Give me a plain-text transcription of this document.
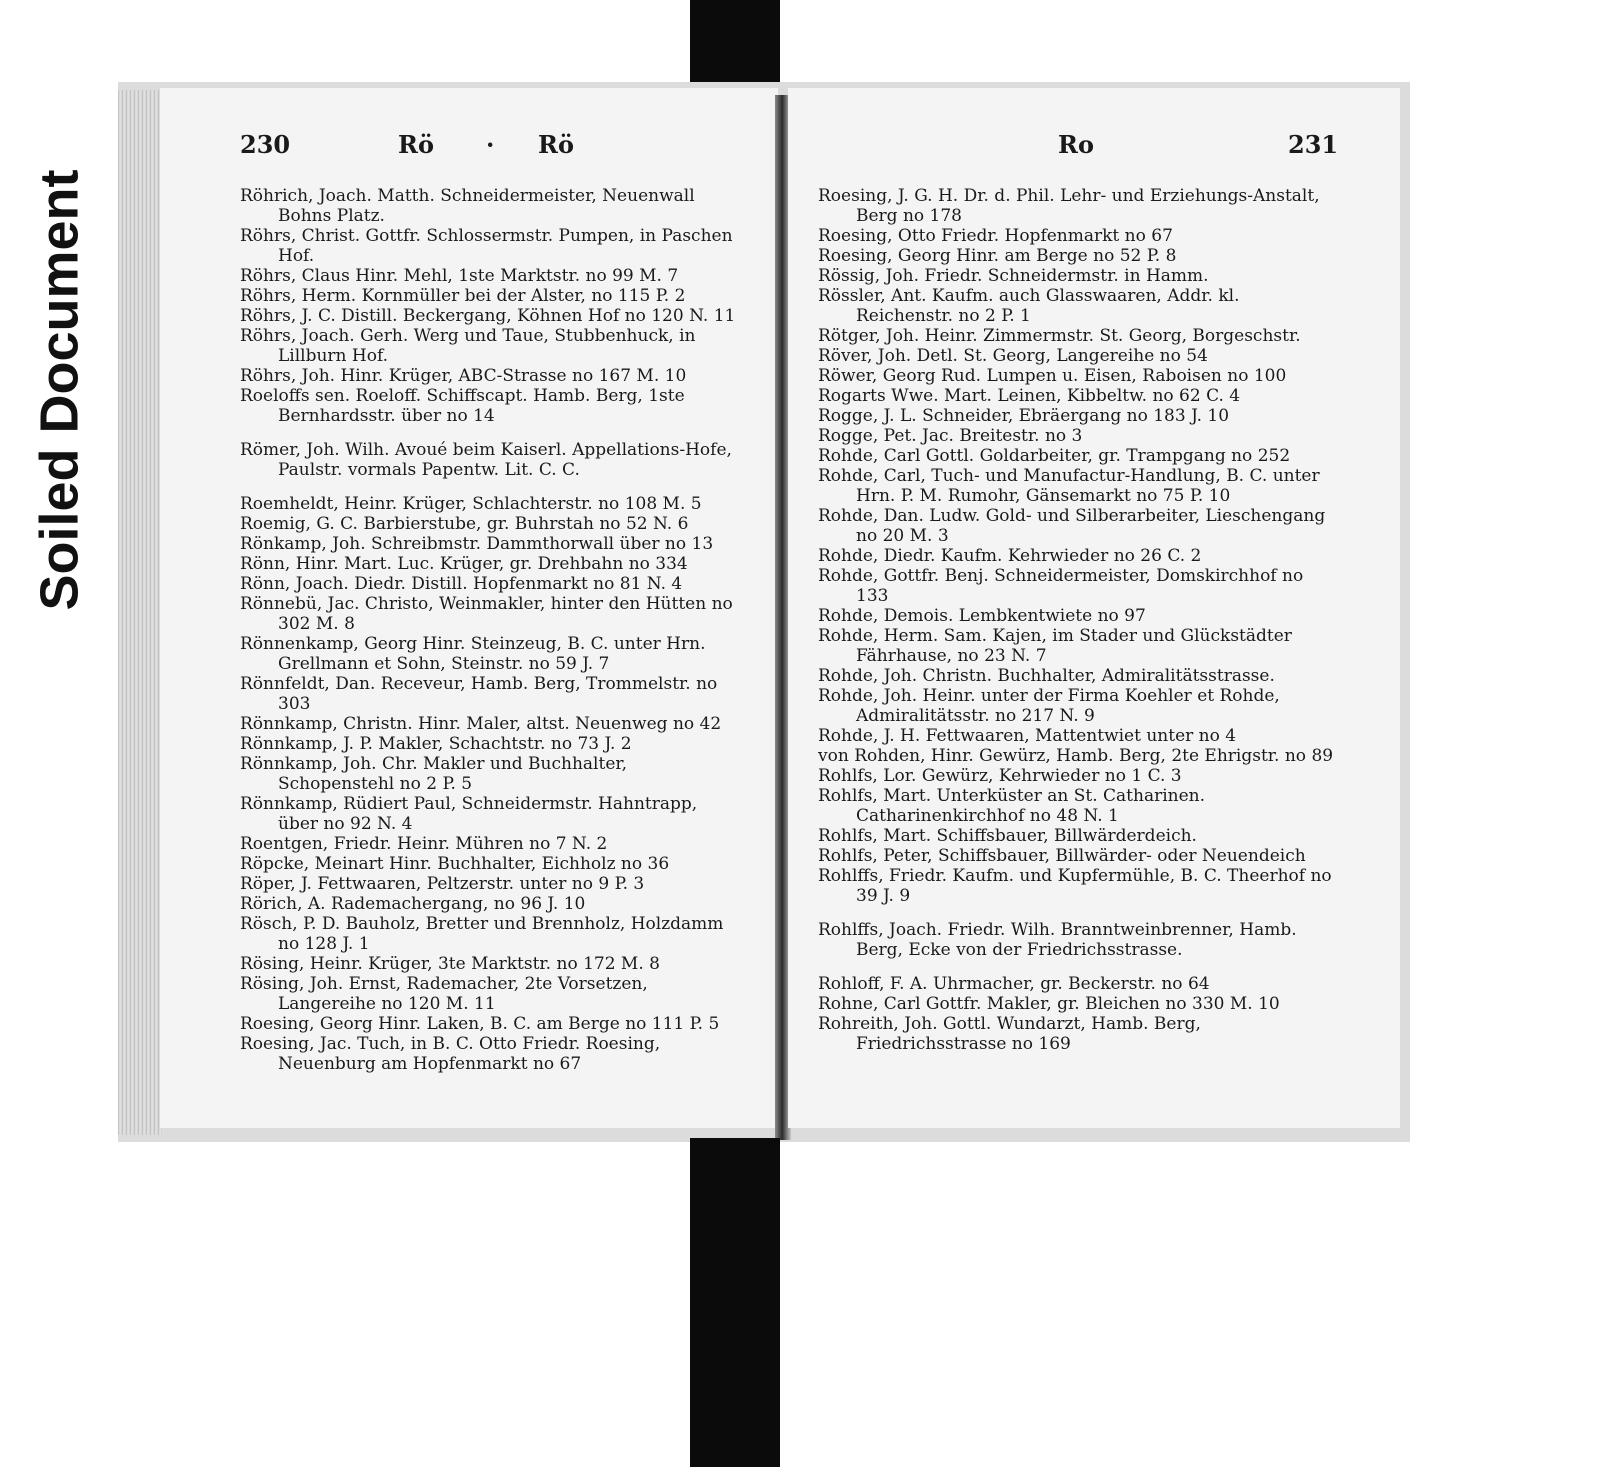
Soiled Document
230	Rö · Rö
Röhrich, Joach. Matth. Schneidermeister, Neuenwall Bohns Platz.
Röhrs, Christ. Gottfr. Schlossermstr. Pumpen, in Paschen Hof.
Röhrs, Claus Hinr. Mehl, 1ste Marktstr. no 99 M. 7
Röhrs, Herm. Kornmüller bei der Alster, no 115 P. 2
Röhrs, J. C. Distill. Beckergang, Köhnen Hof no 120 N. 11
Röhrs, Joach. Gerh. Werg und Taue, Stubbenhuck, in Lillburn Hof.
Röhrs, Joh. Hinr. Krüger, ABC-Strasse no 167 M. 10
Roeloffs sen. Roeloff. Schiffscapt. Hamb. Berg, 1ste Bernhardsstr. über no 14
Römer, Joh. Wilh. Avoué beim Kaiserl. Appellations-Hofe, Paulstr. vormals Papentw. Lit. C. C.
Roemheldt, Heinr. Krüger, Schlachterstr. no 108 M. 5
Roemig, G. C. Barbierstube, gr. Buhrstah no 52 N. 6
Rönkamp, Joh. Schreibmstr. Dammthorwall über no 13
Rönn, Hinr. Mart. Luc. Krüger, gr. Drehbahn no 334
Rönn, Joach. Diedr. Distill. Hopfenmarkt no 81 N. 4
Rönnebü, Jac. Christo, Weinmakler, hinter den Hütten no 302 M. 8
Rönnenkamp, Georg Hinr. Steinzeug, B. C. unter Hrn. Grellmann et Sohn, Steinstr. no 59 J. 7
Rönnfeldt, Dan. Receveur, Hamb. Berg, Trommelstr. no 303
Rönnkamp, Christn. Hinr. Maler, altst. Neuenweg no 42
Rönnkamp, J. P. Makler, Schachtstr. no 73 J. 2
Rönnkamp, Joh. Chr. Makler und Buchhalter, Schopenstehl no 2 P. 5
Rönnkamp, Rüdiert Paul, Schneidermstr. Hahntrapp, über no 92 N. 4
Roentgen, Friedr. Heinr. Mühren no 7 N. 2
Röpcke, Meinart Hinr. Buchhalter, Eichholz no 36
Röper, J. Fettwaaren, Peltzerstr. unter no 9 P. 3
Rörich, A. Rademachergang, no 96 J. 10
Rösch, P. D. Bauholz, Bretter und Brennholz, Holzdamm no 128 J. 1
Rösing, Heinr. Krüger, 3te Marktstr. no 172 M. 8
Rösing, Joh. Ernst, Rademacher, 2te Vorsetzen, Langereihe no 120 M. 11
Roesing, Georg Hinr. Laken, B. C. am Berge no 111 P. 5
Roesing, Jac. Tuch, in B. C. Otto Friedr. Roesing, Neuenburg am Hopfenmarkt no 67
Ro	231
Roesing, J. G. H. Dr. d. Phil. Lehr- und Erziehungs-Anstalt, Berg no 178
Roesing, Otto Friedr. Hopfenmarkt no 67
Roesing, Georg Hinr. am Berge no 52 P. 8
Rössig, Joh. Friedr. Schneidermstr. in Hamm.
Rössler, Ant. Kaufm. auch Glasswaaren, Addr. kl. Reichenstr. no 2 P. 1
Rötger, Joh. Heinr. Zimmermstr. St. Georg, Borgeschstr.
Röver, Joh. Detl. St. Georg, Langereihe no 54
Röwer, Georg Rud. Lumpen u. Eisen, Raboisen no 100
Rogarts Wwe. Mart. Leinen, Kibbeltw. no 62 C. 4
Rogge, J. L. Schneider, Ebräergang no 183 J. 10
Rogge, Pet. Jac. Breitestr. no 3
Rohde, Carl Gottl. Goldarbeiter, gr. Trampgang no 252
Rohde, Carl, Tuch- und Manufactur-Handlung, B. C. unter Hrn. P. M. Rumohr, Gänsemarkt no 75 P. 10
Rohde, Dan. Ludw. Gold- und Silberarbeiter, Lieschengang no 20 M. 3
Rohde, Diedr. Kaufm. Kehrwieder no 26 C. 2
Rohde, Gottfr. Benj. Schneidermeister, Domskirchhof no 133
Rohde, Demois. Lembkentwiete no 97
Rohde, Herm. Sam. Kajen, im Stader und Glückstädter Fährhause, no 23 N. 7
Rohde, Joh. Christn. Buchhalter, Admiralitätsstrasse.
Rohde, Joh. Heinr. unter der Firma Koehler et Rohde, Admiralitätsstr. no 217 N. 9
Rohde, J. H. Fettwaaren, Mattentwiet unter no 4
von Rohden, Hinr. Gewürz, Hamb. Berg, 2te Ehrigstr. no 89
Rohlfs, Lor. Gewürz, Kehrwieder no 1 C. 3
Rohlfs, Mart. Unterküster an St. Catharinen. Catharinenkirchhof no 48 N. 1
Rohlfs, Mart. Schiffsbauer, Billwärderdeich.
Rohlfs, Peter, Schiffsbauer, Billwärder- oder Neuendeich
Rohlffs, Friedr. Kaufm. und Kupfermühle, B. C. Theerhof no 39 J. 9
Rohlffs, Joach. Friedr. Wilh. Branntweinbrenner, Hamb. Berg, Ecke von der Friedrichsstrasse.
Rohloff, F. A. Uhrmacher, gr. Beckerstr. no 64
Rohne, Carl Gottfr. Makler, gr. Bleichen no 330 M. 10
Rohreith, Joh. Gottl. Wundarzt, Hamb. Berg, Friedrichsstrasse no 169
